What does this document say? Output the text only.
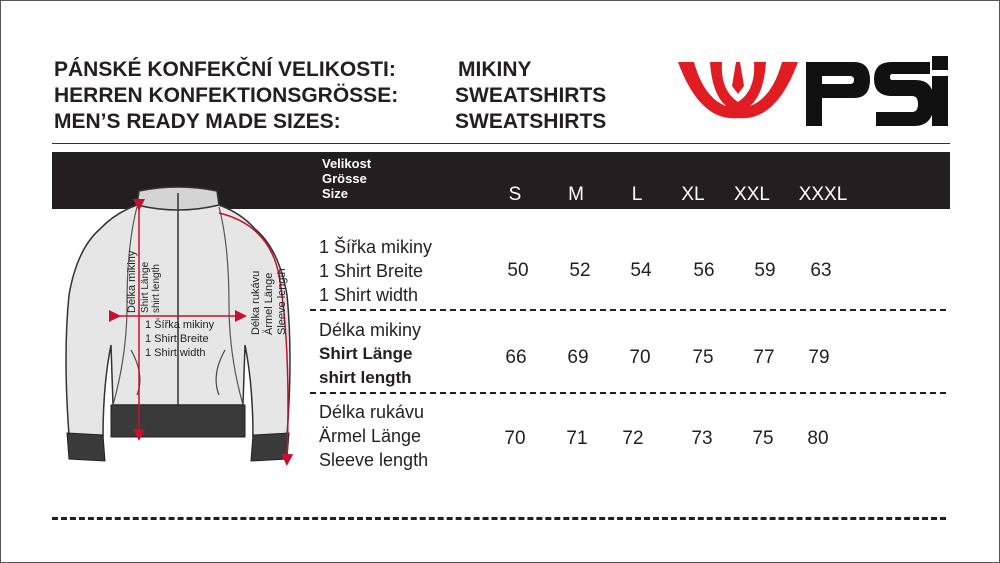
PÁNSKÉ KONFEKČNÍ VELIKOSTI:	MIKINY
HERREN KONFEKTIONSGRÖSSE:	SWEATSHIRTS
MEN’S READY MADE SIZES:	SWEATSHIRTS
Velikost
Grösse
Size	S	M	L	XL	XXL	XXXL
1 Šířka mikiny
1 Shirt Breite
1 Shirt width
50	52	54	56	59	63
Délka mikiny
Shirt Länge
shirt length
66	69	70	75	77	79
Délka rukávu
Ärmel Länge
Sleeve length
70	71	72	73	75	80
Délka mikiny Shirt Länge shirt length
1 Šířka mikiny
1 Shirt Breite
1 Shirt width
Délka rukávu Ärmel Länge Sleeve length
